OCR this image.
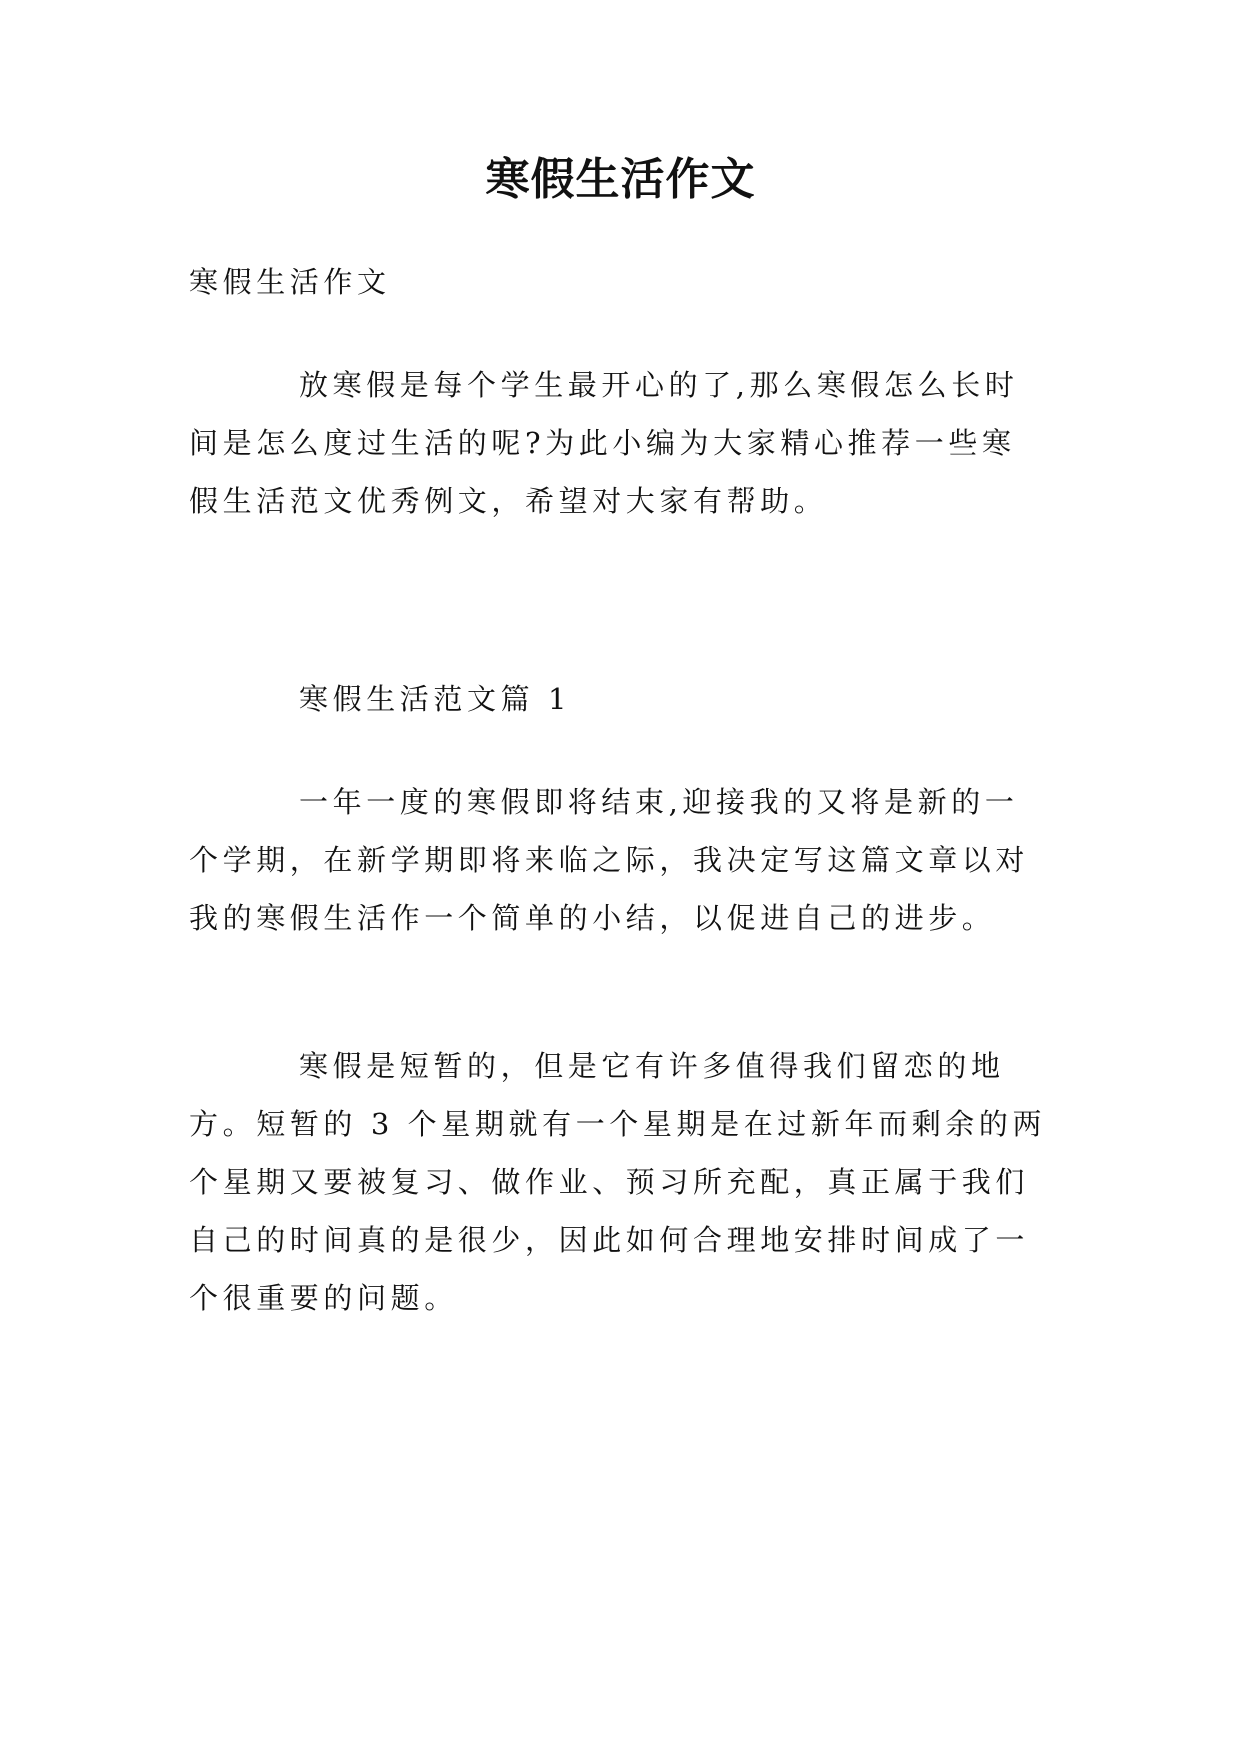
寒假生活作文

寒假生活作文

放寒假是每个学生最开心的了,那么寒假怎么长时间是怎么度过生活的呢?为此小编为大家精心推荐一些寒假生活范文优秀例文，希望对大家有帮助。

寒假生活范文篇 1

一年一度的寒假即将结束,迎接我的又将是新的一个学期，在新学期即将来临之际，我决定写这篇文章以对我的寒假生活作一个简单的小结，以促进自己的进步。

寒假是短暂的，但是它有许多值得我们留恋的地方。短暂的 3 个星期就有一个星期是在过新年而剩余的两个星期又要被复习、做作业、预习所充配，真正属于我们自己的时间真的是很少，因此如何合理地安排时间成了一个很重要的问题。
